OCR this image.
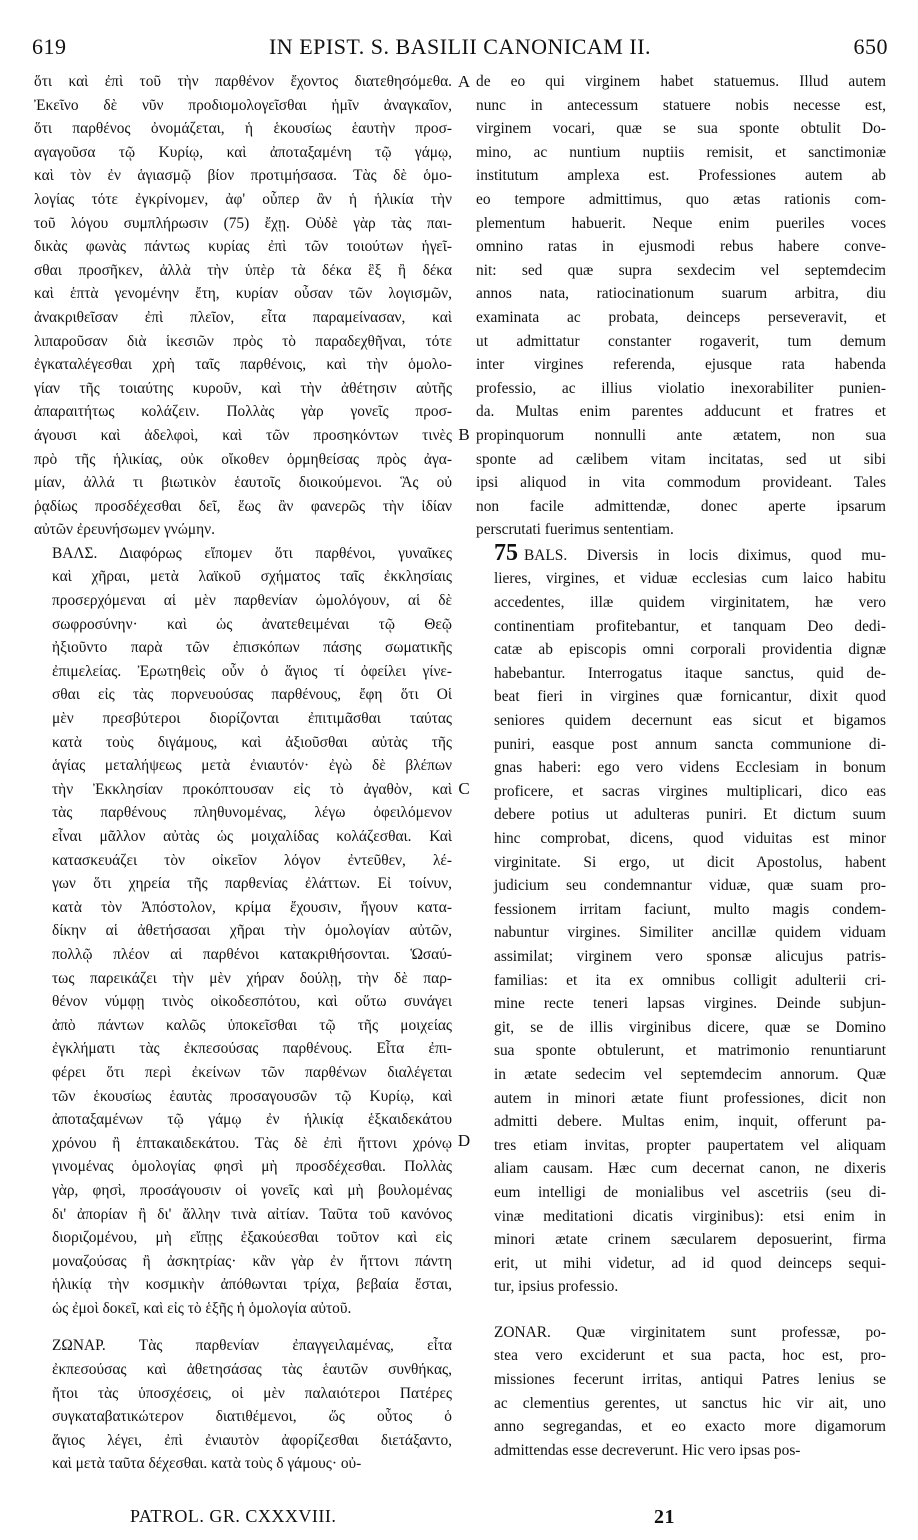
619	IN EPIST. S. BASILII CANONICAM II.	650
A
B
C
D

ὅτι καὶ ἐπὶ τοῦ τὴν παρθένον ἔχοντος διατεθησόμεθα.
Ἐκεῖνο δὲ νῦν προδιομολογεῖσθαι ἡμῖν ἀναγκαῖον,
ὅτι παρθένος ὀνομάζεται, ἡ ἑκουσίως ἑαυτὴν προσ-
αγαγοῦσα τῷ Κυρίῳ, καὶ ἀποταξαμένη τῷ γάμῳ,
καὶ τὸν ἐν ἁγιασμῷ βίον προτιμήσασα. Τὰς δὲ ὁμο-
λογίας τότε ἐγκρίνομεν, ἀφ' οὗπερ ἂν ἡ ἡλικία τὴν
τοῦ λόγου συμπλήρωσιν (75) ἔχῃ. Οὐδὲ γὰρ τὰς παι-
δικὰς φωνὰς πάντως κυρίας ἐπὶ τῶν τοιούτων ἡγεῖ-
σθαι προσῆκεν, ἀλλὰ τὴν ὑπὲρ τὰ δέκα ἓξ ἢ δέκα
καὶ ἑπτὰ γενομένην ἔτη, κυρίαν οὖσαν τῶν λογισμῶν,
ἀνακριθεῖσαν ἐπὶ πλεῖον, εἶτα παραμείνασαν, καὶ
λιπαροῦσαν διὰ ἱκεσιῶν πρὸς τὸ παραδεχθῆναι, τότε
ἐγκαταλέγεσθαι χρὴ ταῖς παρθένοις, καὶ τὴν ὁμολο-
γίαν τῆς τοιαύτης κυροῦν, καὶ τὴν ἀθέτησιν αὐτῆς
ἀπαραιτήτως κολάζειν. Πολλὰς γὰρ γονεῖς προσ-
άγουσι καὶ ἀδελφοὶ, καὶ τῶν προσηκόντων τινὲς
πρὸ τῆς ἡλικίας, οὐκ οἴκοθεν ὁρμηθείσας πρὸς ἀγα-
μίαν, ἀλλά τι βιωτικὸν ἑαυτοῖς διοικούμενοι. Ἃς οὐ
ῥᾳδίως προσδέχεσθαι δεῖ, ἕως ἂν φανερῶς τὴν ἰδίαν
αὐτῶν ἐρευνήσωμεν γνώμην.

ΒΑΛΣ. Διαφόρως εἴπομεν ὅτι παρθένοι, γυναῖκες
καὶ χῆραι, μετὰ λαϊκοῦ σχήματος ταῖς ἐκκλησίαις
προσερχόμεναι αἱ μὲν παρθενίαν ὡμολόγουν, αἱ δὲ
σωφροσύνην· καὶ ὡς ἀνατεθειμέναι τῷ Θεῷ
ἠξιοῦντο παρὰ τῶν ἐπισκόπων πάσης σωματικῆς
ἐπιμελείας. Ἐρωτηθεὶς οὖν ὁ ἅγιος τί ὀφείλει γίνε-
σθαι εἰς τὰς πορνευούσας παρθένους, ἔφη ὅτι Οἱ
μὲν πρεσβύτεροι διορίζονται ἐπιτιμᾶσθαι ταύτας
κατὰ τοὺς διγάμους, καὶ ἀξιοῦσθαι αὐτὰς τῆς
ἁγίας μεταλήψεως μετὰ ἐνιαυτόν· ἐγὼ δὲ βλέπων
τὴν Ἐκκλησίαν προκόπτουσαν εἰς τὸ ἀγαθὸν, καὶ
τὰς παρθένους πληθυνομένας, λέγω ὀφειλόμενον
εἶναι μᾶλλον αὐτὰς ὡς μοιχαλίδας κολάζεσθαι. Καὶ
κατασκευάζει τὸν οἰκεῖον λόγον ἐντεῦθεν, λέ-
γων ὅτι χηρεία τῆς παρθενίας ἐλάττων. Εἰ τοίνυν,
κατὰ τὸν Ἀπόστολον, κρίμα ἔχουσιν, ἤγουν κατα-
δίκην αἱ ἀθετήσασαι χῆραι τὴν ὁμολογίαν αὐτῶν,
πολλῷ πλέον αἱ παρθένοι κατακριθήσονται. Ὡσαύ-
τως παρεικάζει τὴν μὲν χήραν δούλῃ, τὴν δὲ παρ-
θένον νύμφῃ τινὸς οἰκοδεσπότου, καὶ οὕτω συνάγει
ἀπὸ πάντων καλῶς ὑποκεῖσθαι τῷ τῆς μοιχείας
ἐγκλήματι τὰς ἐκπεσούσας παρθένους. Εἶτα ἐπι-
φέρει ὅτι περὶ ἐκείνων τῶν παρθένων διαλέγεται
τῶν ἑκουσίως ἑαυτὰς προσαγουσῶν τῷ Κυρίῳ, καὶ
ἀποταξαμένων τῷ γάμῳ ἐν ἡλικίᾳ ἑξκαιδεκάτου
χρόνου ἢ ἑπτακαιδεκάτου. Τὰς δὲ ἐπὶ ἥττονι χρόνῳ
γινομένας ὁμολογίας φησὶ μὴ προσδέχεσθαι. Πολλὰς
γὰρ, φησὶ, προσάγουσιν οἱ γονεῖς καὶ μὴ βουλομένας
δι' ἀπορίαν ἢ δι' ἄλλην τινὰ αἰτίαν. Ταῦτα τοῦ κανόνος
διοριζομένου, μὴ εἴπῃς ἐξακούεσθαι τοῦτον καὶ εἰς
μοναζούσας ἢ ἀσκητρίας· κἂν γὰρ ἐν ἥττονι πάντη
ἡλικίᾳ τὴν κοσμικὴν ἀπόθωνται τρίχα, βεβαία ἔσται,
ὡς ἐμοὶ δοκεῖ, καὶ εἰς τὸ ἑξῆς ἡ ὁμολογία αὐτοῦ.

ΖΩΝΑΡ. Τὰς παρθενίαν ἐπαγγειλαμένας, εἶτα
ἐκπεσούσας καὶ ἀθετησάσας τὰς ἑαυτῶν συνθήκας,
ἤτοι τὰς ὑποσχέσεις, οἱ μὲν παλαιότεροι Πατέρες
συγκαταβατικώτερον διατιθέμενοι, ὥς οὗτος ὁ
ἅγιος λέγει, ἐπὶ ἐνιαυτὸν ἀφορίζεσθαι διετάξαντο,
καὶ μετὰ ταῦτα δέχεσθαι. κατὰ τοὺς δ γάμους· οὐ-

de eo qui virginem habet statuemus. Illud autem
nunc in antecessum statuere nobis necesse est,
virginem vocari, quæ se sua sponte obtulit Do-
mino, ac nuntium nuptiis remisit, et sanctimoniæ
institutum amplexa est. Professiones autem ab
eo tempore admittimus, quo ætas rationis com-
plementum habuerit. Neque enim pueriles voces
omnino ratas in ejusmodi rebus habere conve-
nit: sed quæ supra sexdecim vel septemdecim
annos nata, ratiocinationum suarum arbitra, diu
examinata ac probata, deinceps perseveravit, et
ut admittatur constanter rogaverit, tum demum
inter virgines referenda, ejusque rata habenda
professio, ac illius violatio inexorabiliter punien-
da. Multas enim parentes adducunt et fratres et
propinquorum nonnulli ante ætatem, non sua
sponte ad cælibem vitam incitatas, sed ut sibi
ipsi aliquod in vita commodum provideant. Tales
non facile admittendæ, donec aperte ipsarum
perscrutati fuerimus sententiam.

75 BALS. Diversis in locis diximus, quod mu-
lieres, virgines, et viduæ ecclesias cum laico habitu
accedentes, illæ quidem virginitatem, hæ vero
continentiam profitebantur, et tanquam Deo dedi-
catæ ab episcopis omni corporali providentia dignæ
habebantur. Interrogatus itaque sanctus, quid de-
beat fieri in virgines quæ fornicantur, dixit quod
seniores quidem decernunt eas sicut et bigamos
puniri, easque post annum sancta communione di-
gnas haberi: ego vero videns Ecclesiam in bonum
proficere, et sacras virgines multiplicari, dico eas
debere potius ut adulteras puniri. Et dictum suum
hinc comprobat, dicens, quod viduitas est minor
virginitate. Si ergo, ut dicit Apostolus, habent
judicium seu condemnantur viduæ, quæ suam pro-
fessionem irritam faciunt, multo magis condem-
nabuntur virgines. Similiter ancillæ quidem viduam
assimilat; virginem vero sponsæ alicujus patris-
familias: et ita ex omnibus colligit adulterii cri-
mine recte teneri lapsas virgines. Deinde subjun-
git, se de illis virginibus dicere, quæ se Domino
sua sponte obtulerunt, et matrimonio renuntiarunt
in ætate sedecim vel septemdecim annorum. Quæ
autem in minori ætate fiunt professiones, dicit non
admitti debere. Multas enim, inquit, offerunt pa-
tres etiam invitas, propter paupertatem vel aliquam
aliam causam. Hæc cum decernat canon, ne dixeris
eum intelligi de monialibus vel ascetriis (seu di-
vinæ meditationi dicatis virginibus): etsi enim in
minori ætate crinem sæcularem deposuerint, firma
erit, ut mihi videtur, ad id quod deinceps sequi-
tur, ipsius professio.

ZONAR. Quæ virginitatem sunt professæ, po-
stea vero exciderunt et sua pacta, hoc est, pro-
missiones fecerunt irritas, antiqui Patres lenius se
ac clementius gerentes, ut sanctus hic vir ait, uno
anno segregandas, et eo exacto more digamorum
admittendas esse decreverunt. Hic vero ipsas pos-

PATROL. GR. CXXXVIII.	21
